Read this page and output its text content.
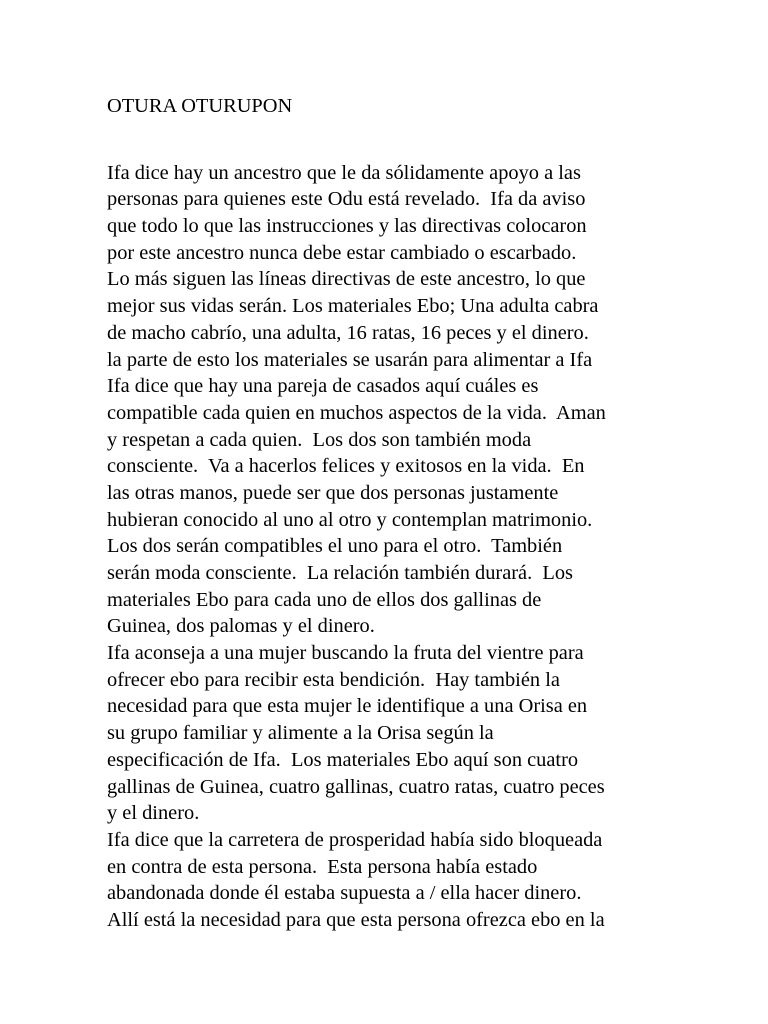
OTURA OTURUPON
Ifa dice hay un ancestro que le da sólidamente apoyo a las
personas para quienes este Odu está revelado.  Ifa da aviso
que todo lo que las instrucciones y las directivas colocaron
por este ancestro nunca debe estar cambiado o escarbado.
Lo más siguen las líneas directivas de este ancestro, lo que
mejor sus vidas serán. Los materiales Ebo; Una adulta cabra
de macho cabrío, una adulta, 16 ratas, 16 peces y el dinero.
la parte de esto los materiales se usarán para alimentar a Ifa
Ifa dice que hay una pareja de casados aquí cuáles es
compatible cada quien en muchos aspectos de la vida.  Aman
y respetan a cada quien.  Los dos son también moda
consciente.  Va a hacerlos felices y exitosos en la vida.  En
las otras manos, puede ser que dos personas justamente
hubieran conocido al uno al otro y contemplan matrimonio.
Los dos serán compatibles el uno para el otro.  También
serán moda consciente.  La relación también durará.  Los
materiales Ebo para cada uno de ellos dos gallinas de
Guinea, dos palomas y el dinero.
Ifa aconseja a una mujer buscando la fruta del vientre para
ofrecer ebo para recibir esta bendición.  Hay también la
necesidad para que esta mujer le identifique a una Orisa en
su grupo familiar y alimente a la Orisa según la
especificación de Ifa.  Los materiales Ebo aquí son cuatro
gallinas de Guinea, cuatro gallinas, cuatro ratas, cuatro peces
y el dinero.
Ifa dice que la carretera de prosperidad había sido bloqueada
en contra de esta persona.  Esta persona había estado
abandonada donde él estaba supuesta a / ella hacer dinero.
Allí está la necesidad para que esta persona ofrezca ebo en la
